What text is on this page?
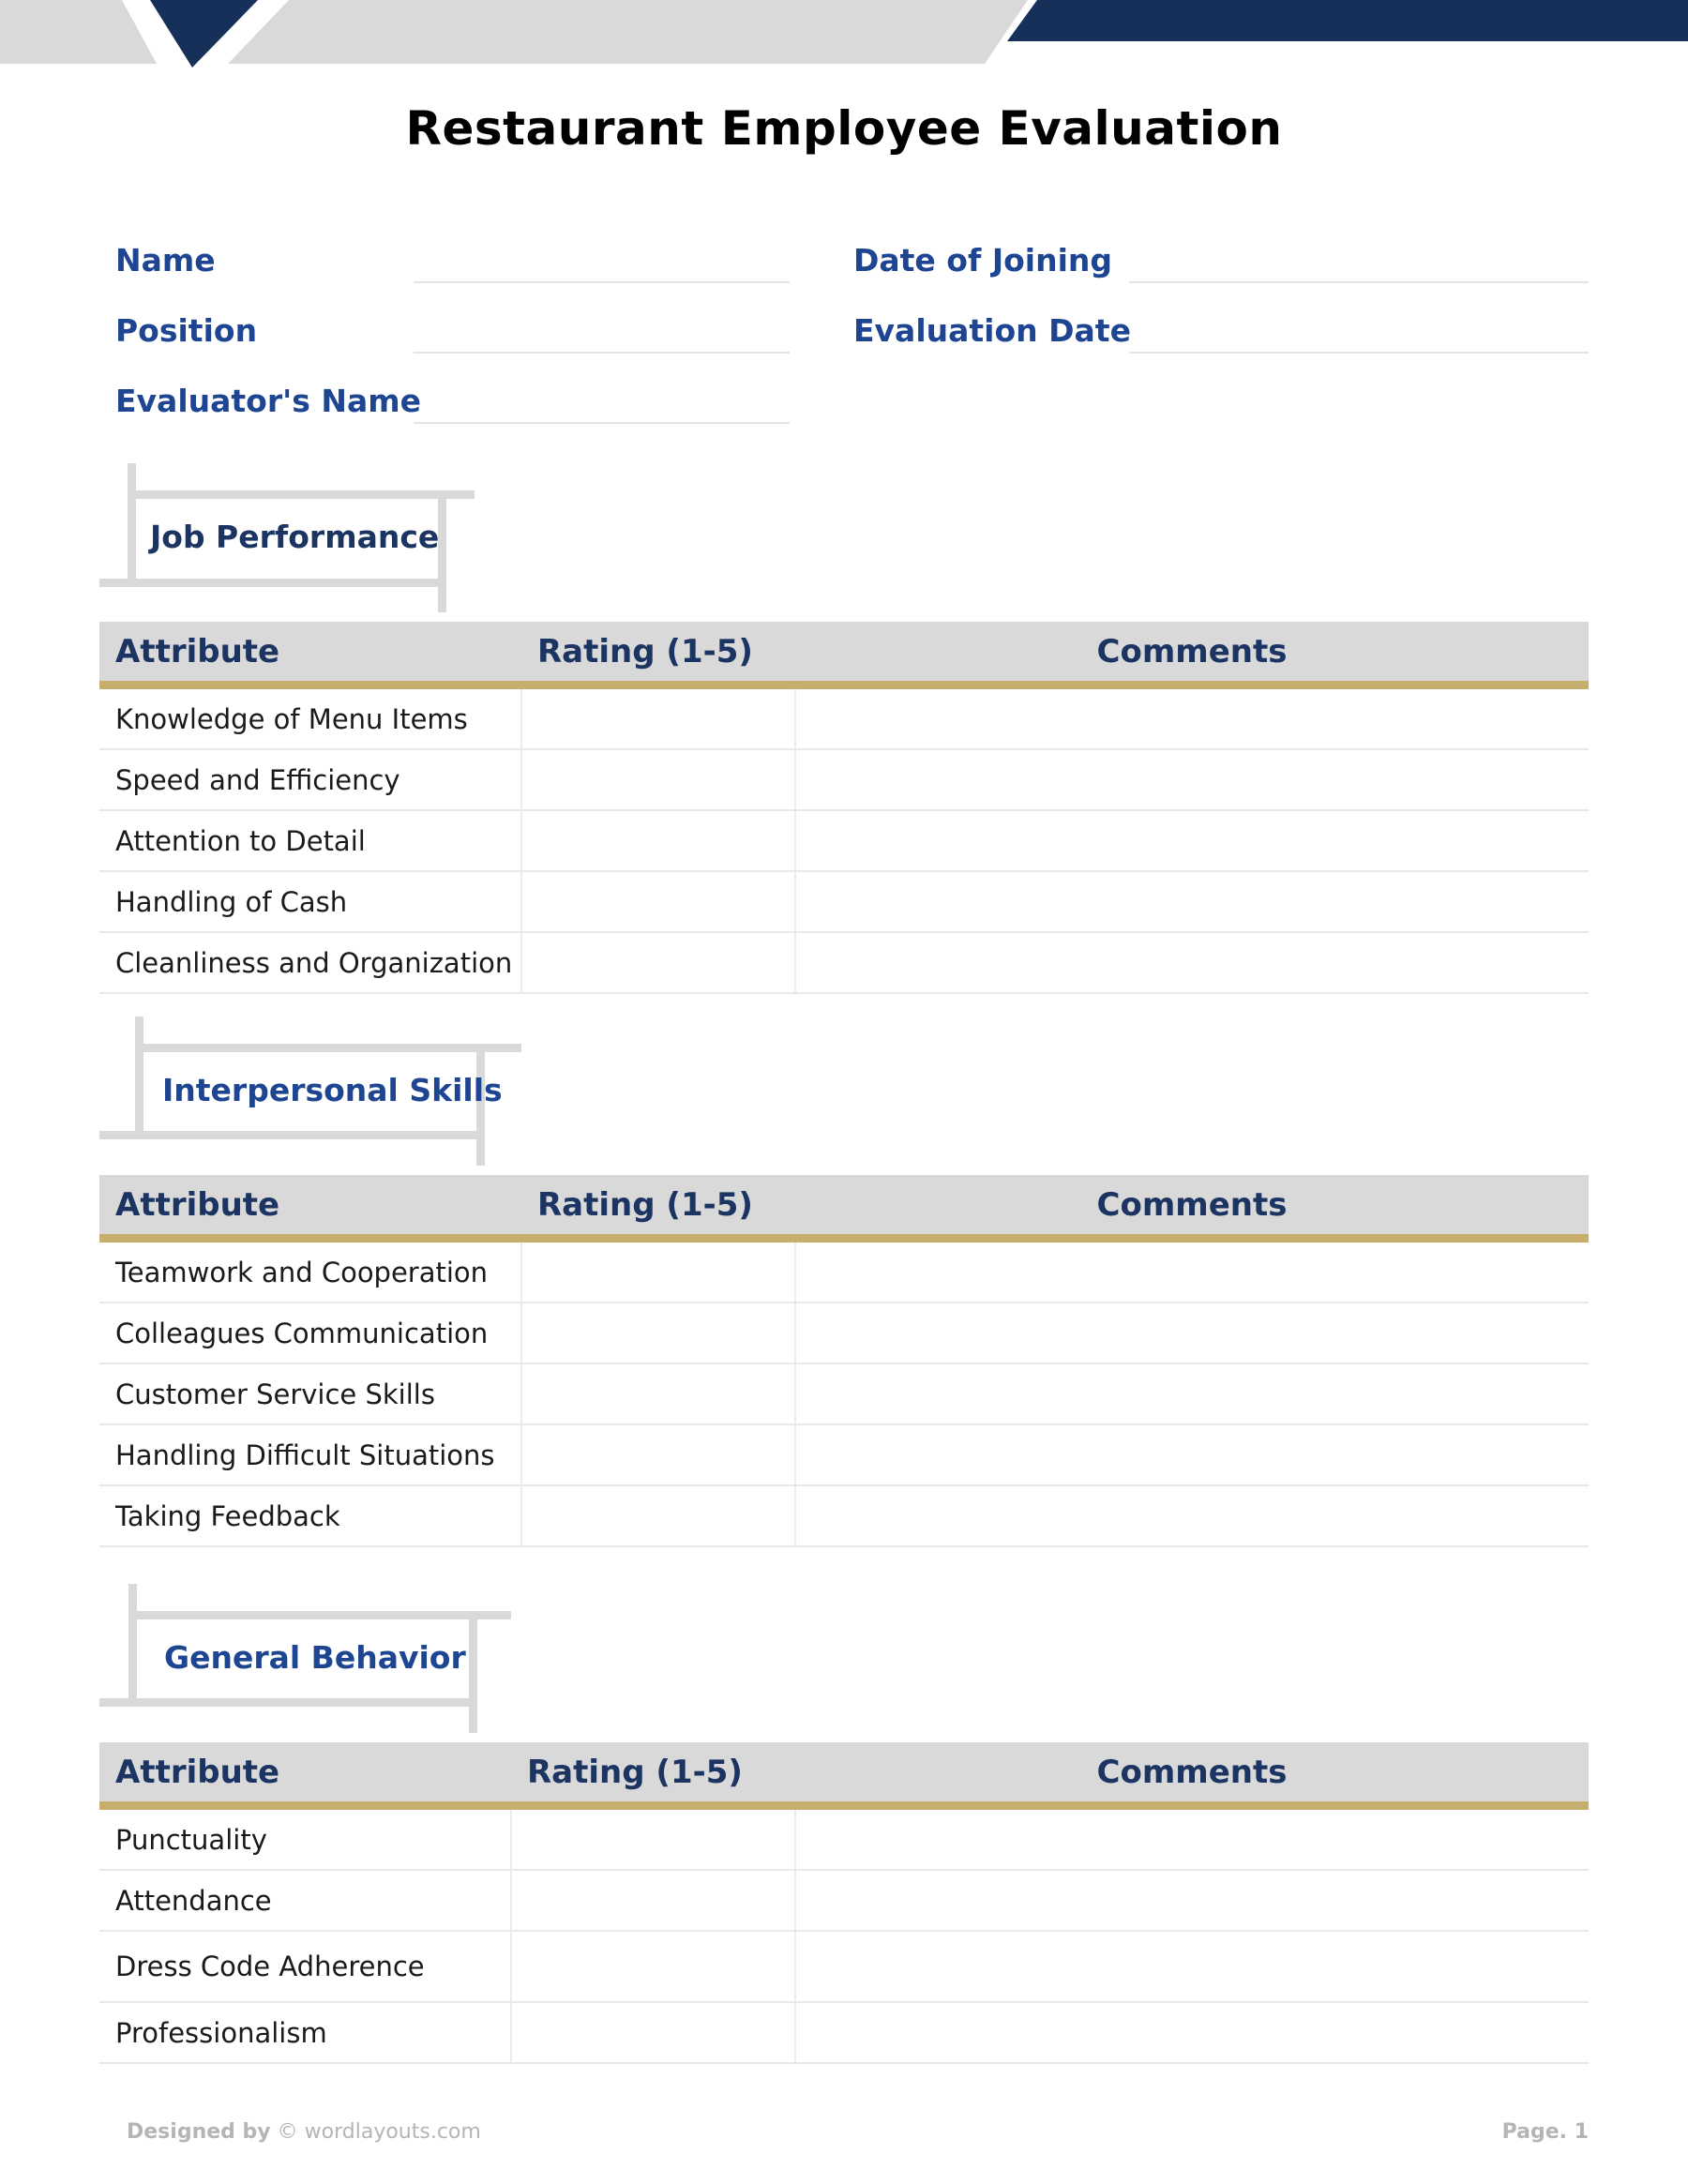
Restaurant Employee Evaluation
Name
Position
Evaluator's Name
Date of Joining
Evaluation Date
Job Performance
Attribute	Rating (1-5)	Comments
Knowledge of Menu Items		
Speed and Efficiency		
Attention to Detail		
Handling of Cash		
Cleanliness and Organization		
Interpersonal Skills
Attribute	Rating (1-5)	Comments
Teamwork and Cooperation		
Colleagues Communication		
Customer Service Skills		
Handling Difficult Situations		
Taking Feedback		
General Behavior
Attribute	Rating (1-5)	Comments
Punctuality		
Attendance		
Dress Code Adherence		
Professionalism		
Designed by © wordlayouts.com	Page. 1
